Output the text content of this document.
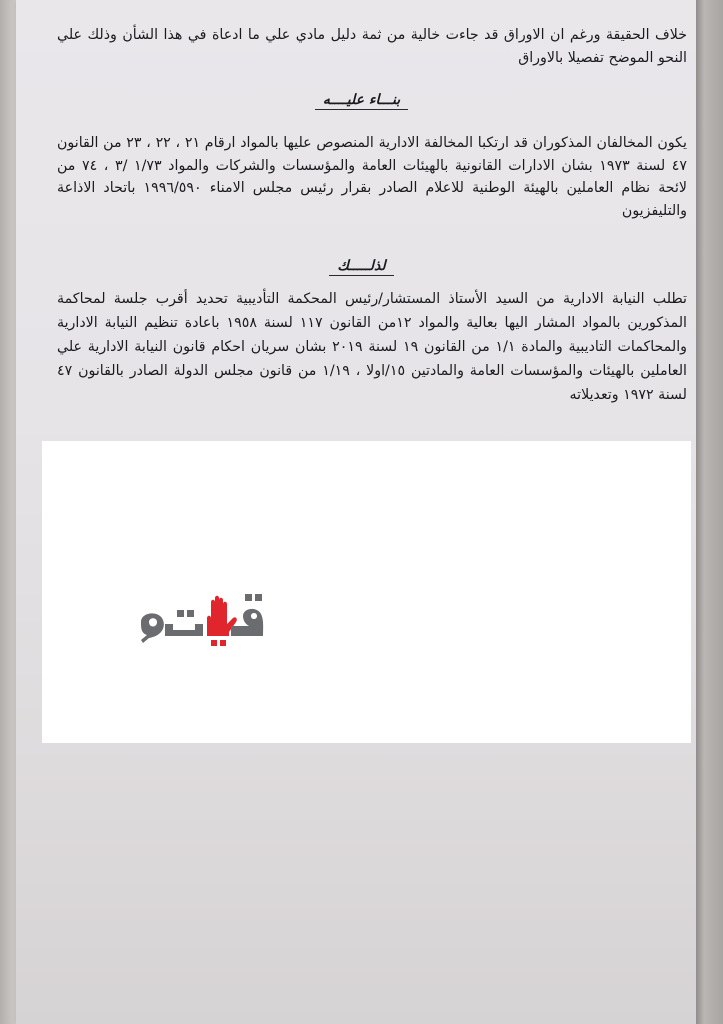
خلاف الحقيقة ورغم ان الاوراق قد جاءت خالية من ثمة دليل مادي علي ما ادعاة في هذا الشأن وذلك علي النحو الموضح تفصيلا بالاوراق

بنـــاء عليــــه

يكون المخالفان المذكوران قد ارتكبا المخالفة الادارية المنصوص عليها بالمواد ارقام ٢١ ، ٢٢ ، ٢٣ من القانون ٤٧ لسنة ١٩٧٣ بشان الادارات القانونية بالهيئات العامة والمؤسسات والشركات والمواد ١/٧٣ /٣ ، ٧٤ من لائحة نظام العاملين بالهيئة الوطنية للاعلام الصادر بقرار رئيس مجلس الامناء ١٩٩٦/٥٩٠ باتحاد الاذاعة والتليفزيون

لذلـــــك

تطلب النيابة الادارية من السيد الأستاذ المستشار/رئيس المحكمة التأديبية تحديد أقرب جلسة لمحاكمة المذكورين بالمواد المشار اليها بعالية والمواد ١٢من القانون ١١٧ لسنة ١٩٥٨ باعادة تنظيم النيابة الادارية والمحاكمات التاديبية والمادة ١/١ من القانون ١٩ لسنة ٢٠١٩ بشان سريان احكام قانون النيابة الادارية علي العاملين بالهيئات والمؤسسات العامة والمادتين ١٥/اولا ، ١/١٩ من قانون مجلس الدولة الصادر بالقانون ٤٧ لسنة ١٩٧٢ وتعديلاته
